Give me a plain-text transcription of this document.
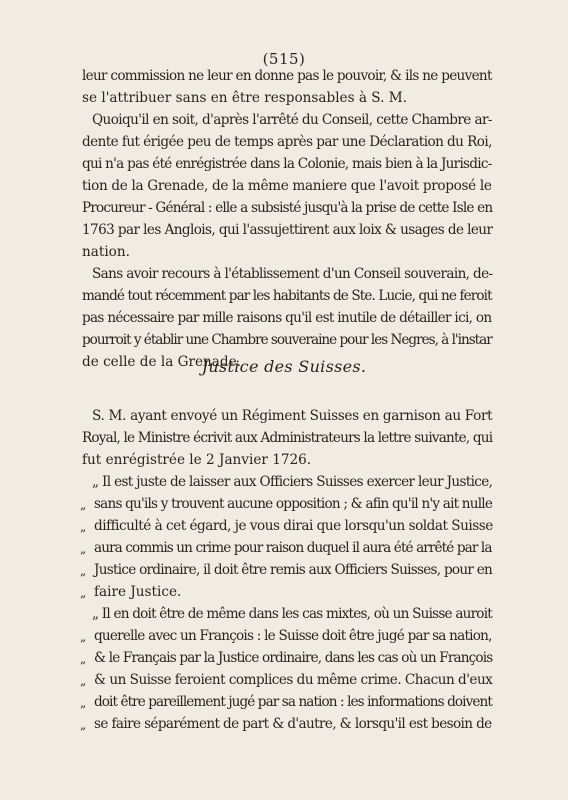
(515)
leur commission ne leur en donne pas le pouvoir, & ils ne peuvent
se l'attribuer sans en être responsables à S. M.
Quoiqu'il en soit, d'après l'arrêté du Conseil, cette Chambre ar-
dente fut érigée peu de temps après par une Déclaration du Roi,
qui n'a pas été enrégistrée dans la Colonie, mais bien à la Jurisdic-
tion de la Grenade, de la même maniere que l'avoit proposé le
Procureur - Général : elle a subsisté jusqu'à la prise de cette Isle en
1763 par les Anglois, qui l'assujettirent aux loix & usages de leur
nation.
Sans avoir recours à l'établissement d'un Conseil souverain, de-
mandé tout récemment par les habitants de Ste. Lucie, qui ne feroit
pas nécessaire par mille raisons qu'il est inutile de détailler ici, on
pourroit y établir une Chambre souveraine pour les Negres, à l'instar
de celle de la Grenade.
Justice des Suisses.
S. M. ayant envoyé un Régiment Suisses en garnison au Fort
Royal, le Ministre écrivit aux Administrateurs la lettre suivante, qui
fut enrégistrée le 2 Janvier 1726.
„ Il est juste de laisser aux Officiers Suisses exercer leur Justice,
„ sans qu'ils y trouvent aucune opposition ; & afin qu'il n'y ait nulle
„ difficulté à cet égard, je vous dirai que lorsqu'un soldat Suisse
„ aura commis un crime pour raison duquel il aura été arrêté par la
„ Justice ordinaire, il doit être remis aux Officiers Suisses, pour en
„ faire Justice.
„ Il en doit être de même dans les cas mixtes, où un Suisse auroit
„ querelle avec un François : le Suisse doit être jugé par sa nation,
„ & le Français par la Justice ordinaire, dans les cas où un François
„ & un Suisse feroient complices du même crime. Chacun d'eux
„ doit être pareillement jugé par sa nation : les informations doivent
„ se faire séparément de part & d'autre, & lorsqu'il est besoin de
